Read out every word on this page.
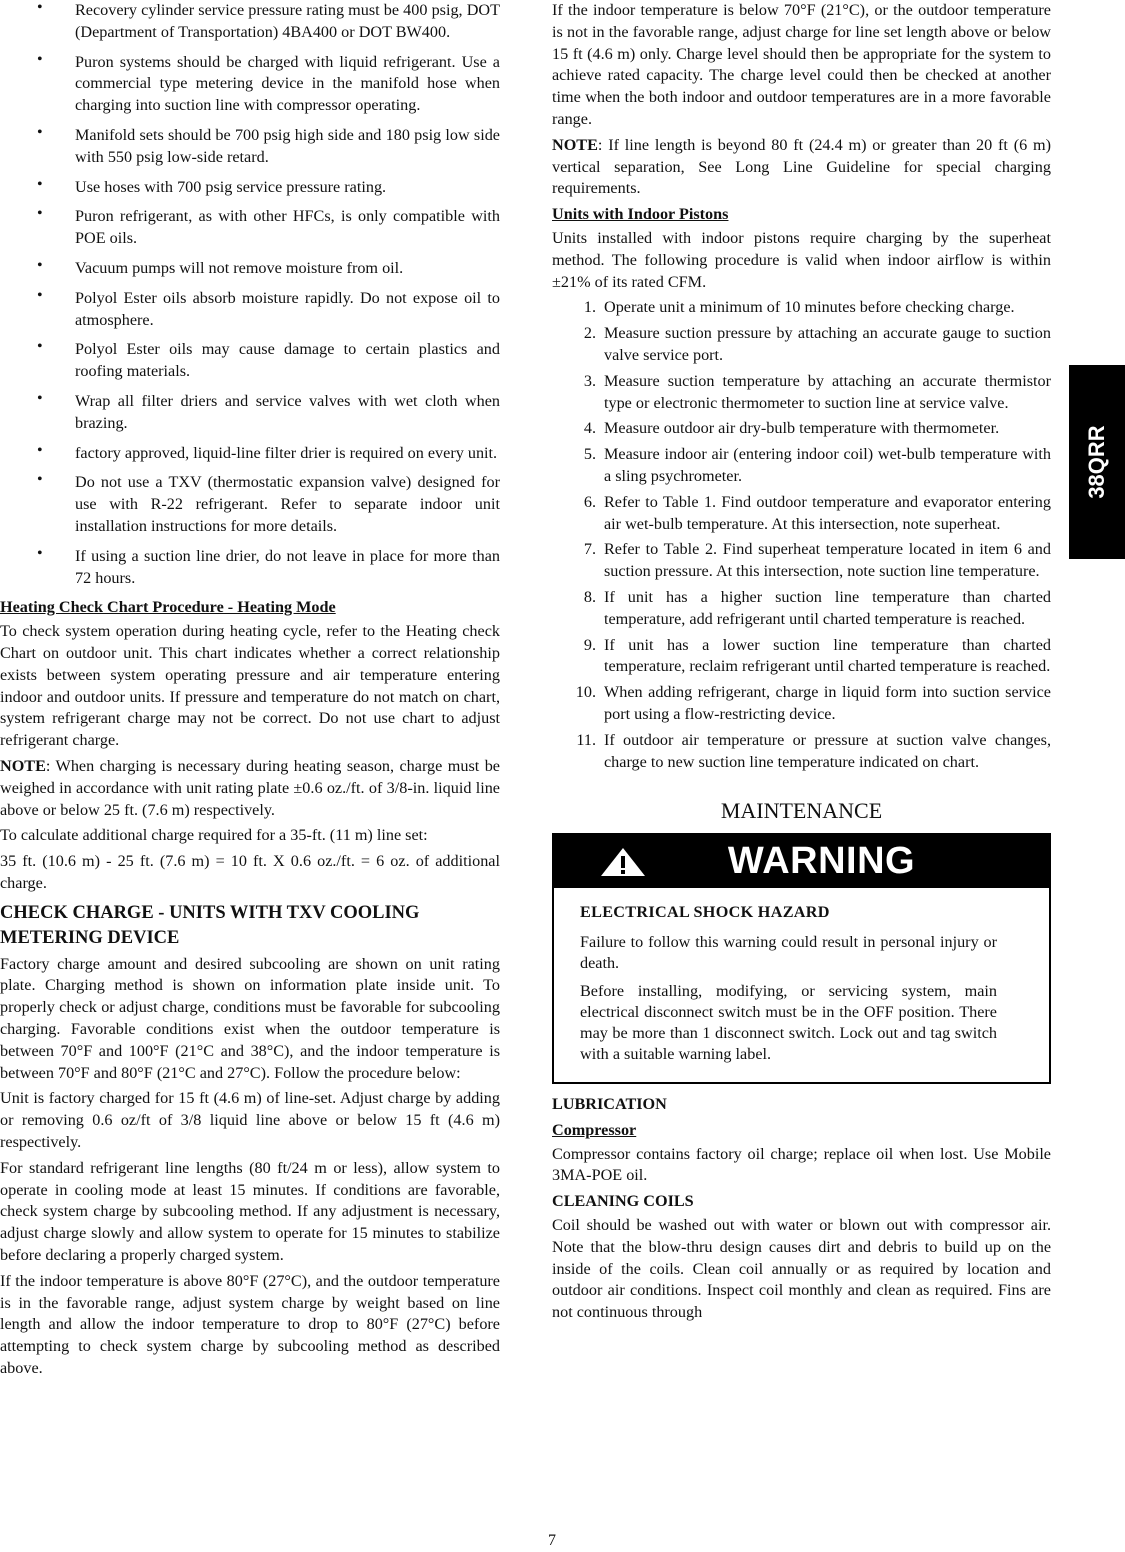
• Recovery cylinder service pressure rating must be 400 psig, DOT (Department of Transportation) 4BA400 or DOT BW400.
• Puron systems should be charged with liquid refrigerant. Use a commercial type metering device in the manifold hose when charging into suction line with compressor operating.
• Manifold sets should be 700 psig high side and 180 psig low side with 550 psig low-side retard.
• Use hoses with 700 psig service pressure rating.
• Puron refrigerant, as with other HFCs, is only compatible with POE oils.
• Vacuum pumps will not remove moisture from oil.
• Polyol Ester oils absorb moisture rapidly. Do not expose oil to atmosphere.
• Polyol Ester oils may cause damage to certain plastics and roofing materials.
• Wrap all filter driers and service valves with wet cloth when brazing.
• factory approved, liquid-line filter drier is required on every unit.
• Do not use a TXV (thermostatic expansion valve) designed for use with R-22 refrigerant. Refer to separate indoor unit installation instructions for more details.
• If using a suction line drier, do not leave in place for more than 72 hours.
Heating Check Chart Procedure - Heating Mode

To check system operation during heating cycle, refer to the Heating check Chart on outdoor unit. This chart indicates whether a correct relationship exists between system operating pressure and air temperature entering indoor and outdoor units. If pressure and temperature do not match on chart, system refrigerant charge may not be correct. Do not use chart to adjust refrigerant charge.

NOTE: When charging is necessary during heating season, charge must be weighed in accordance with unit rating plate ±0.6 oz./ft. of 3/8-in. liquid line above or below 25 ft. (7.6 m) respectively.

To calculate additional charge required for a 35-ft. (11 m) line set:

35 ft. (10.6 m) - 25 ft. (7.6 m) = 10 ft. X 0.6 oz./ft. = 6 oz. of additional charge.

CHECK CHARGE - UNITS WITH TXV COOLING METERING DEVICE

Factory charge amount and desired subcooling are shown on unit rating plate. Charging method is shown on information plate inside unit. To properly check or adjust charge, conditions must be favorable for subcooling charging. Favorable conditions exist when the outdoor temperature is between 70°F and 100°F (21°C and 38°C), and the indoor temperature is between 70°F and 80°F (21°C and 27°C). Follow the procedure below:

Unit is factory charged for 15 ft (4.6 m) of line-set. Adjust charge by adding or removing 0.6 oz/ft of 3/8 liquid line above or below 15 ft (4.6 m) respectively.

For standard refrigerant line lengths (80 ft/24 m or less), allow system to operate in cooling mode at least 15 minutes. If conditions are favorable, check system charge by subcooling method. If any adjustment is necessary, adjust charge slowly and allow system to operate for 15 minutes to stabilize before declaring a properly charged system.

If the indoor temperature is above 80°F (27°C), and the outdoor temperature is in the favorable range, adjust system charge by weight based on line length and allow the indoor temperature to drop to 80°F (27°C) before attempting to check system charge by subcooling method as described above.

If the indoor temperature is below 70°F (21°C), or the outdoor temperature is not in the favorable range, adjust charge for line set length above or below 15 ft (4.6 m) only. Charge level should then be appropriate for the system to achieve rated capacity. The charge level could then be checked at another time when the both indoor and outdoor temperatures are in a more favorable range.

NOTE: If line length is beyond 80 ft (24.4 m) or greater than 20 ft (6 m) vertical separation, See Long Line Guideline for special charging requirements.

Units with Indoor Pistons

Units installed with indoor pistons require charging by the superheat method. The following procedure is valid when indoor airflow is within ±21% of its rated CFM.

1. Operate unit a minimum of 10 minutes before checking charge.
2. Measure suction pressure by attaching an accurate gauge to suction valve service port.
3. Measure suction temperature by attaching an accurate thermistor type or electronic thermometer to suction line at service valve.
4. Measure outdoor air dry-bulb temperature with thermometer.
5. Measure indoor air (entering indoor coil) wet-bulb temperature with a sling psychrometer.
6. Refer to Table 1. Find outdoor temperature and evaporator entering air wet-bulb temperature. At this intersection, note superheat.
7. Refer to Table 2. Find superheat temperature located in item 6 and suction pressure. At this intersection, note suction line temperature.
8. If unit has a higher suction line temperature than charted temperature, add refrigerant until charted temperature is reached.
9. If unit has a lower suction line temperature than charted temperature, reclaim refrigerant until charted temperature is reached.
10. When adding refrigerant, charge in liquid form into suction service port using a flow-restricting device.
11. If outdoor air temperature or pressure at suction valve changes, charge to new suction line temperature indicated on chart.
MAINTENANCE
WARNING
ELECTRICAL SHOCK HAZARD

Failure to follow this warning could result in personal injury or death.

Before installing, modifying, or servicing system, main electrical disconnect switch must be in the OFF position. There may be more than 1 disconnect switch. Lock out and tag switch with a suitable warning label.

LUBRICATION
Compressor

Compressor contains factory oil charge; replace oil when lost. Use Mobile 3MA-POE oil.

CLEANING COILS

Coil should be washed out with water or blown out with compressor air. Note that the blow-thru design causes dirt and debris to build up on the inside of the coils. Clean coil annually or as required by location and outdoor air conditions. Inspect coil monthly and clean as required. Fins are not continuous through

38QRR
7
